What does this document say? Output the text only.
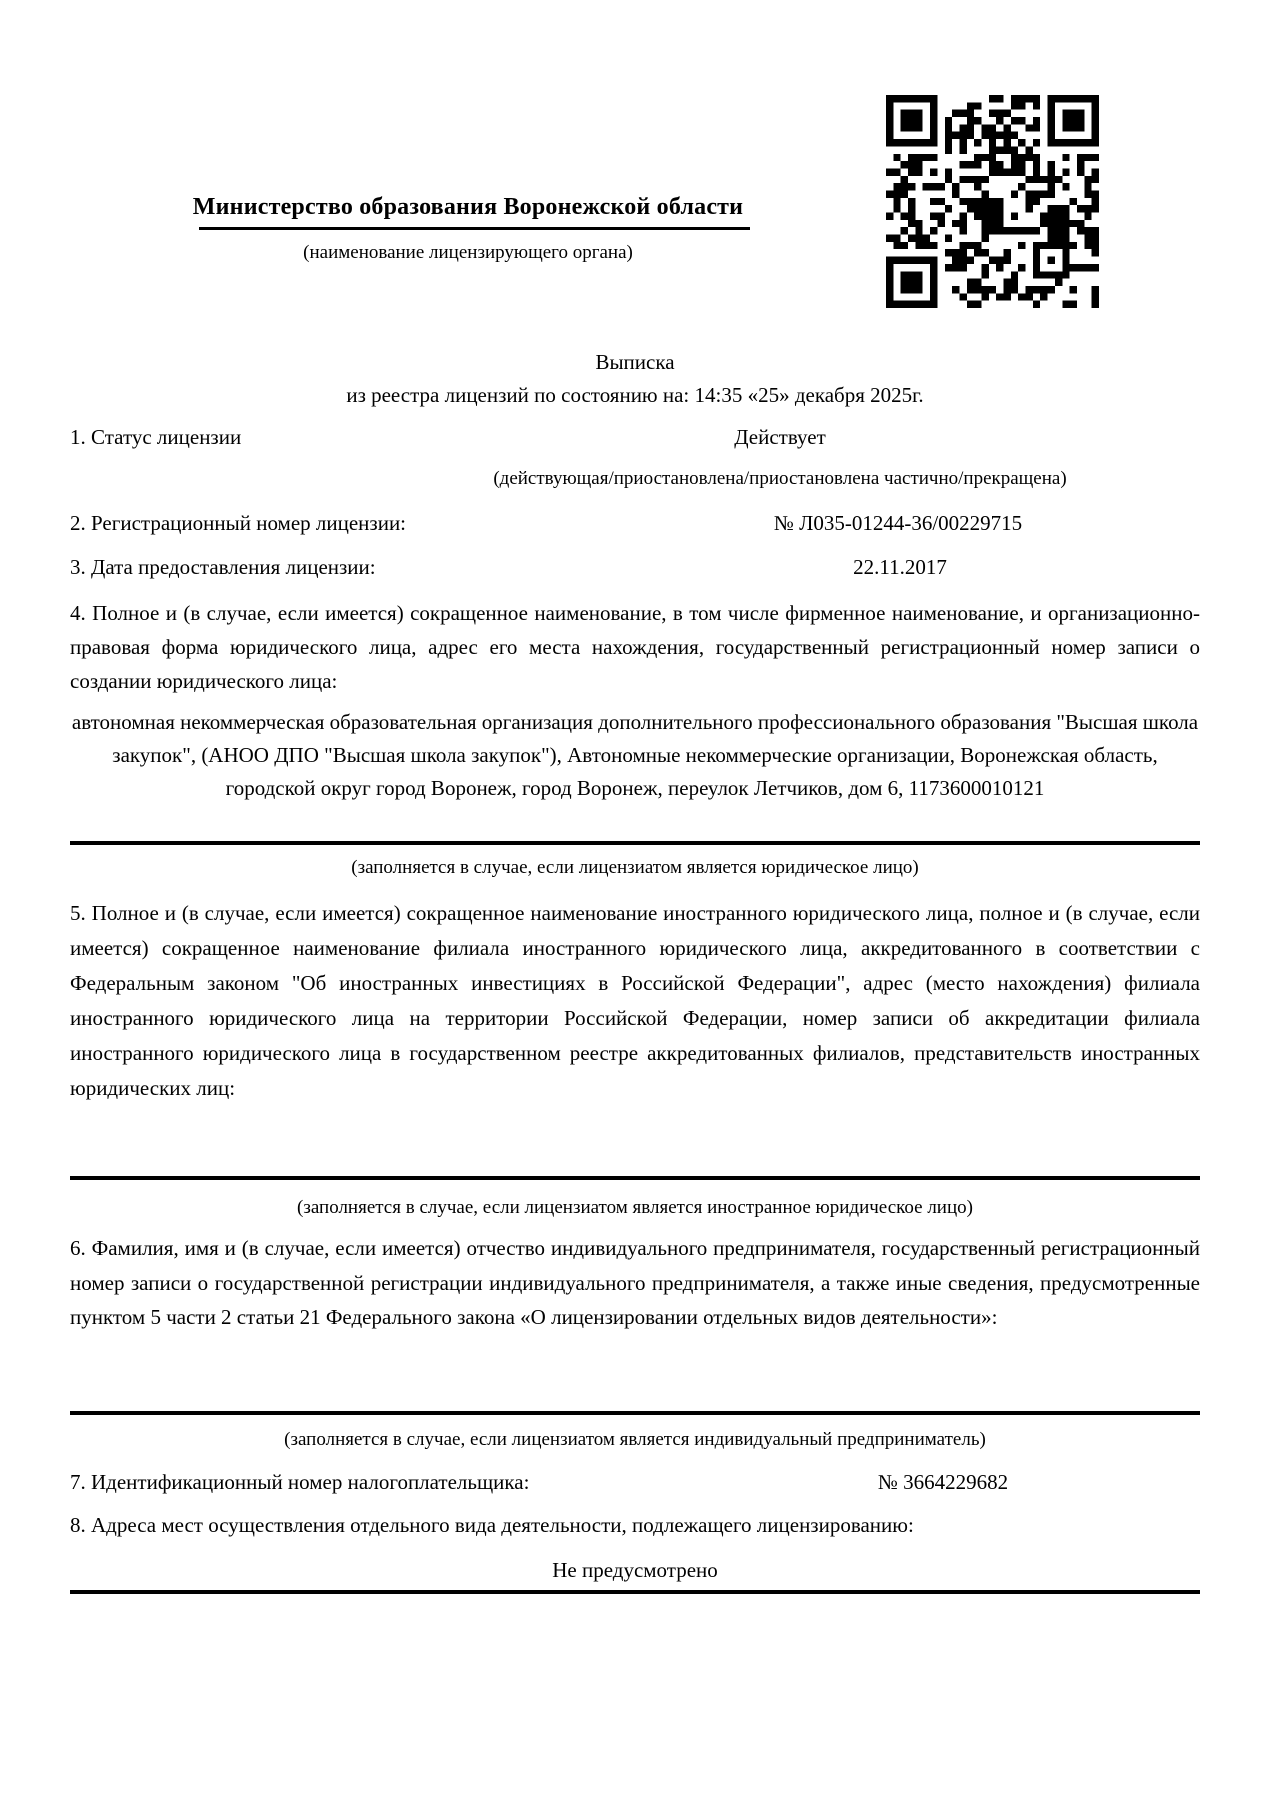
Министерство образования Воронежской области
(наименование лицензирующего органа)
Выписка
из реестра лицензий по состоянию на: 14:35 «25» декабря 2025г.
1. Статус лицензии	Действует
(действующая/приостановлена/приостановлена частично/прекращена)
2. Регистрационный номер лицензии:	№ Л035-01244-36/00229715
3. Дата предоставления лицензии:	22.11.2017
4. Полное и (в случае, если имеется) сокращенное наименование, в том числе фирменное наименование, и организационно-правовая форма юридического лица, адрес его места нахождения, государственный регистрационный номер записи о создании юридического лица:
автономная некоммерческая образовательная организация дополнительного профессионального образования "Высшая школа закупок", (АНОО ДПО "Высшая школа закупок"), Автономные некоммерческие организации, Воронежская область, городской округ город Воронеж, город Воронеж, переулок Летчиков, дом 6, 1173600010121
(заполняется в случае, если лицензиатом является юридическое лицо)
5. Полное и (в случае, если имеется) сокращенное наименование иностранного юридического лица, полное и (в случае, если имеется) сокращенное наименование филиала иностранного юридического лица, аккредитованного в соответствии с Федеральным законом "Об иностранных инвестициях в Российской Федерации", адрес (место нахождения) филиала иностранного юридического лица на территории Российской Федерации, номер записи об аккредитации филиала иностранного юридического лица в государственном реестре аккредитованных филиалов, представительств иностранных юридических лиц:
(заполняется в случае, если лицензиатом является иностранное юридическое лицо)
6. Фамилия, имя и (в случае, если имеется) отчество индивидуального предпринимателя, государственный регистрационный номер записи о государственной регистрации индивидуального предпринимателя, а также иные сведения, предусмотренные пунктом 5 части 2 статьи 21 Федерального закона «О лицензировании отдельных видов деятельности»:
(заполняется в случае, если лицензиатом является индивидуальный предприниматель)
7. Идентификационный номер налогоплательщика:	№ 3664229682
8. Адреса мест осуществления отдельного вида деятельности, подлежащего лицензированию:
Не предусмотрено
